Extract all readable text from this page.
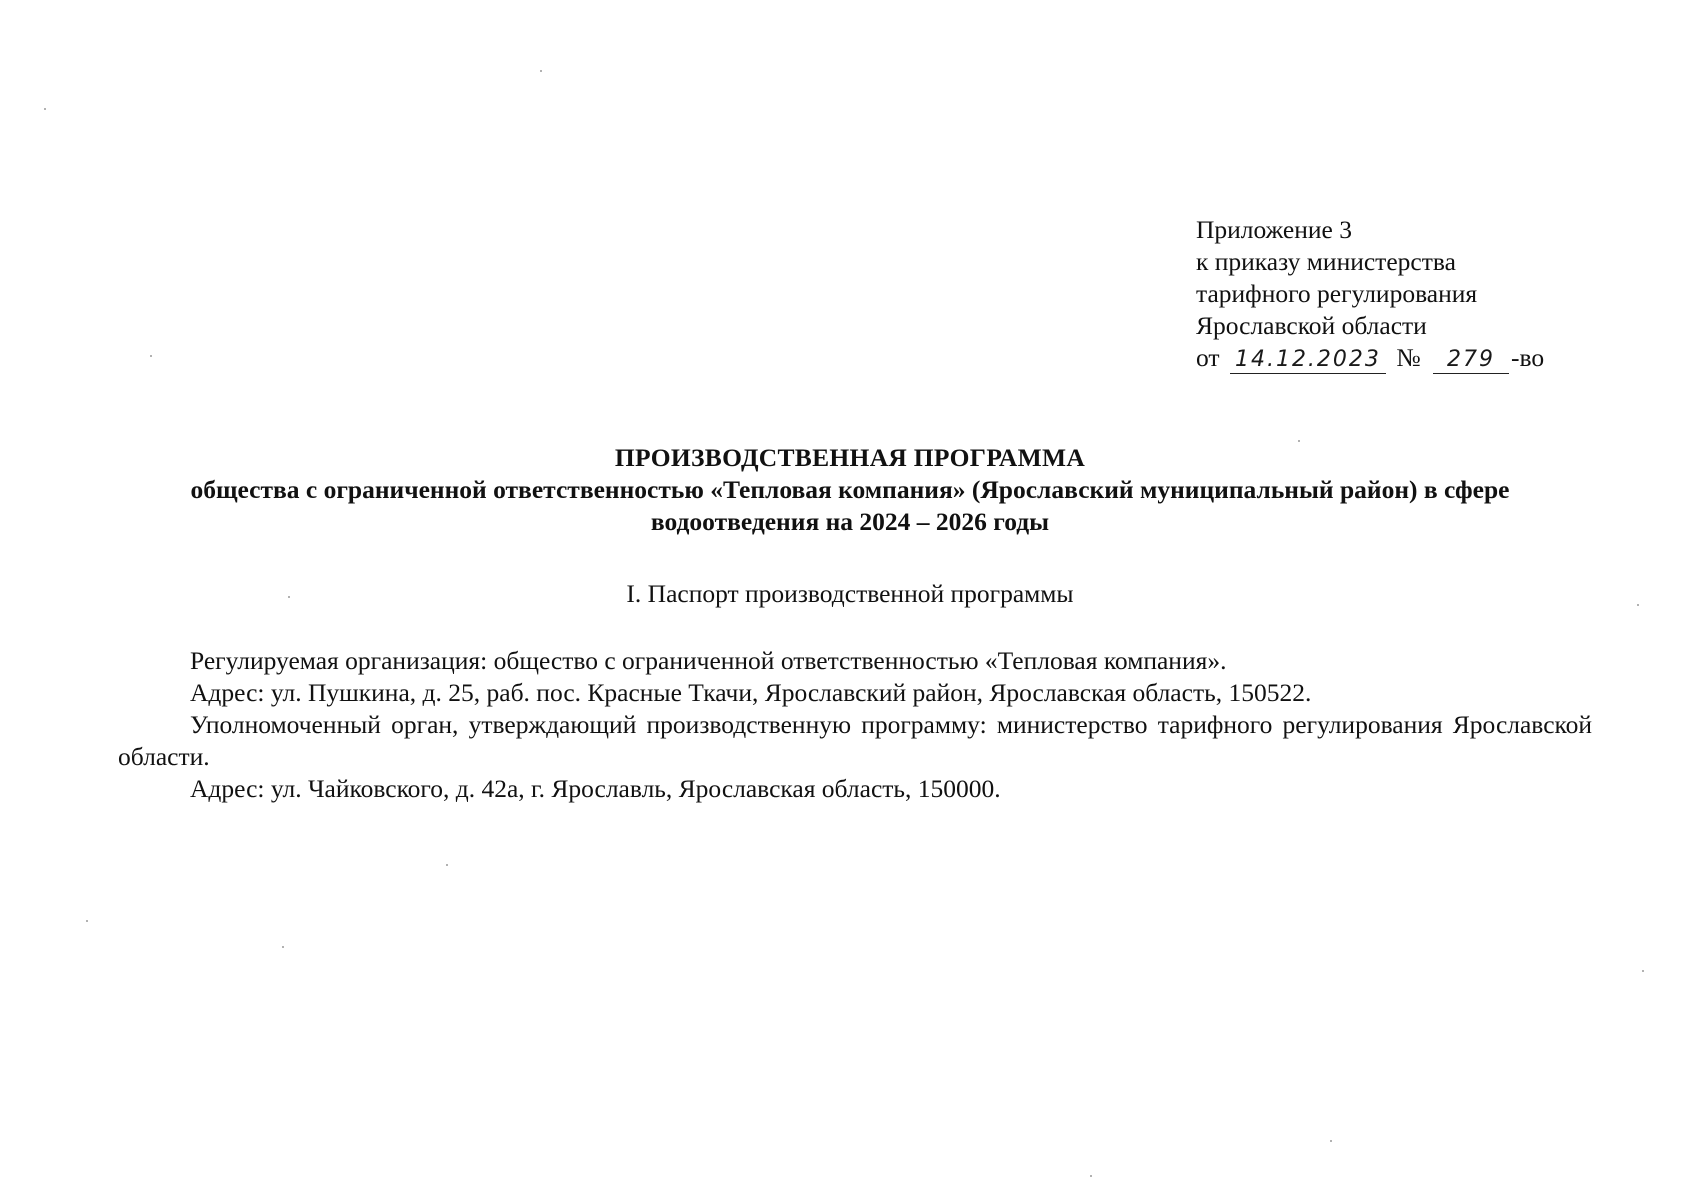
Приложение 3
к приказу министерства
тарифного регулирования
Ярославской области
от 14.12.2023 № 279 -во
ПРОИЗВОДСТВЕННАЯ ПРОГРАММА
общества с ограниченной ответственностью «Тепловая компания» (Ярославский муниципальный район) в сфере
водоотведения на 2024 – 2026 годы
I. Паспорт производственной программы

Регулируемая организация: общество с ограниченной ответственностью «Тепловая компания».

Адрес: ул. Пушкина, д. 25, раб. пос. Красные Ткачи, Ярославский район, Ярославская область, 150522.

Уполномоченный орган, утверждающий производственную программу: министерство тарифного регулирования Ярославской области.

Адрес: ул. Чайковского, д. 42а, г. Ярославль, Ярославская область, 150000.
